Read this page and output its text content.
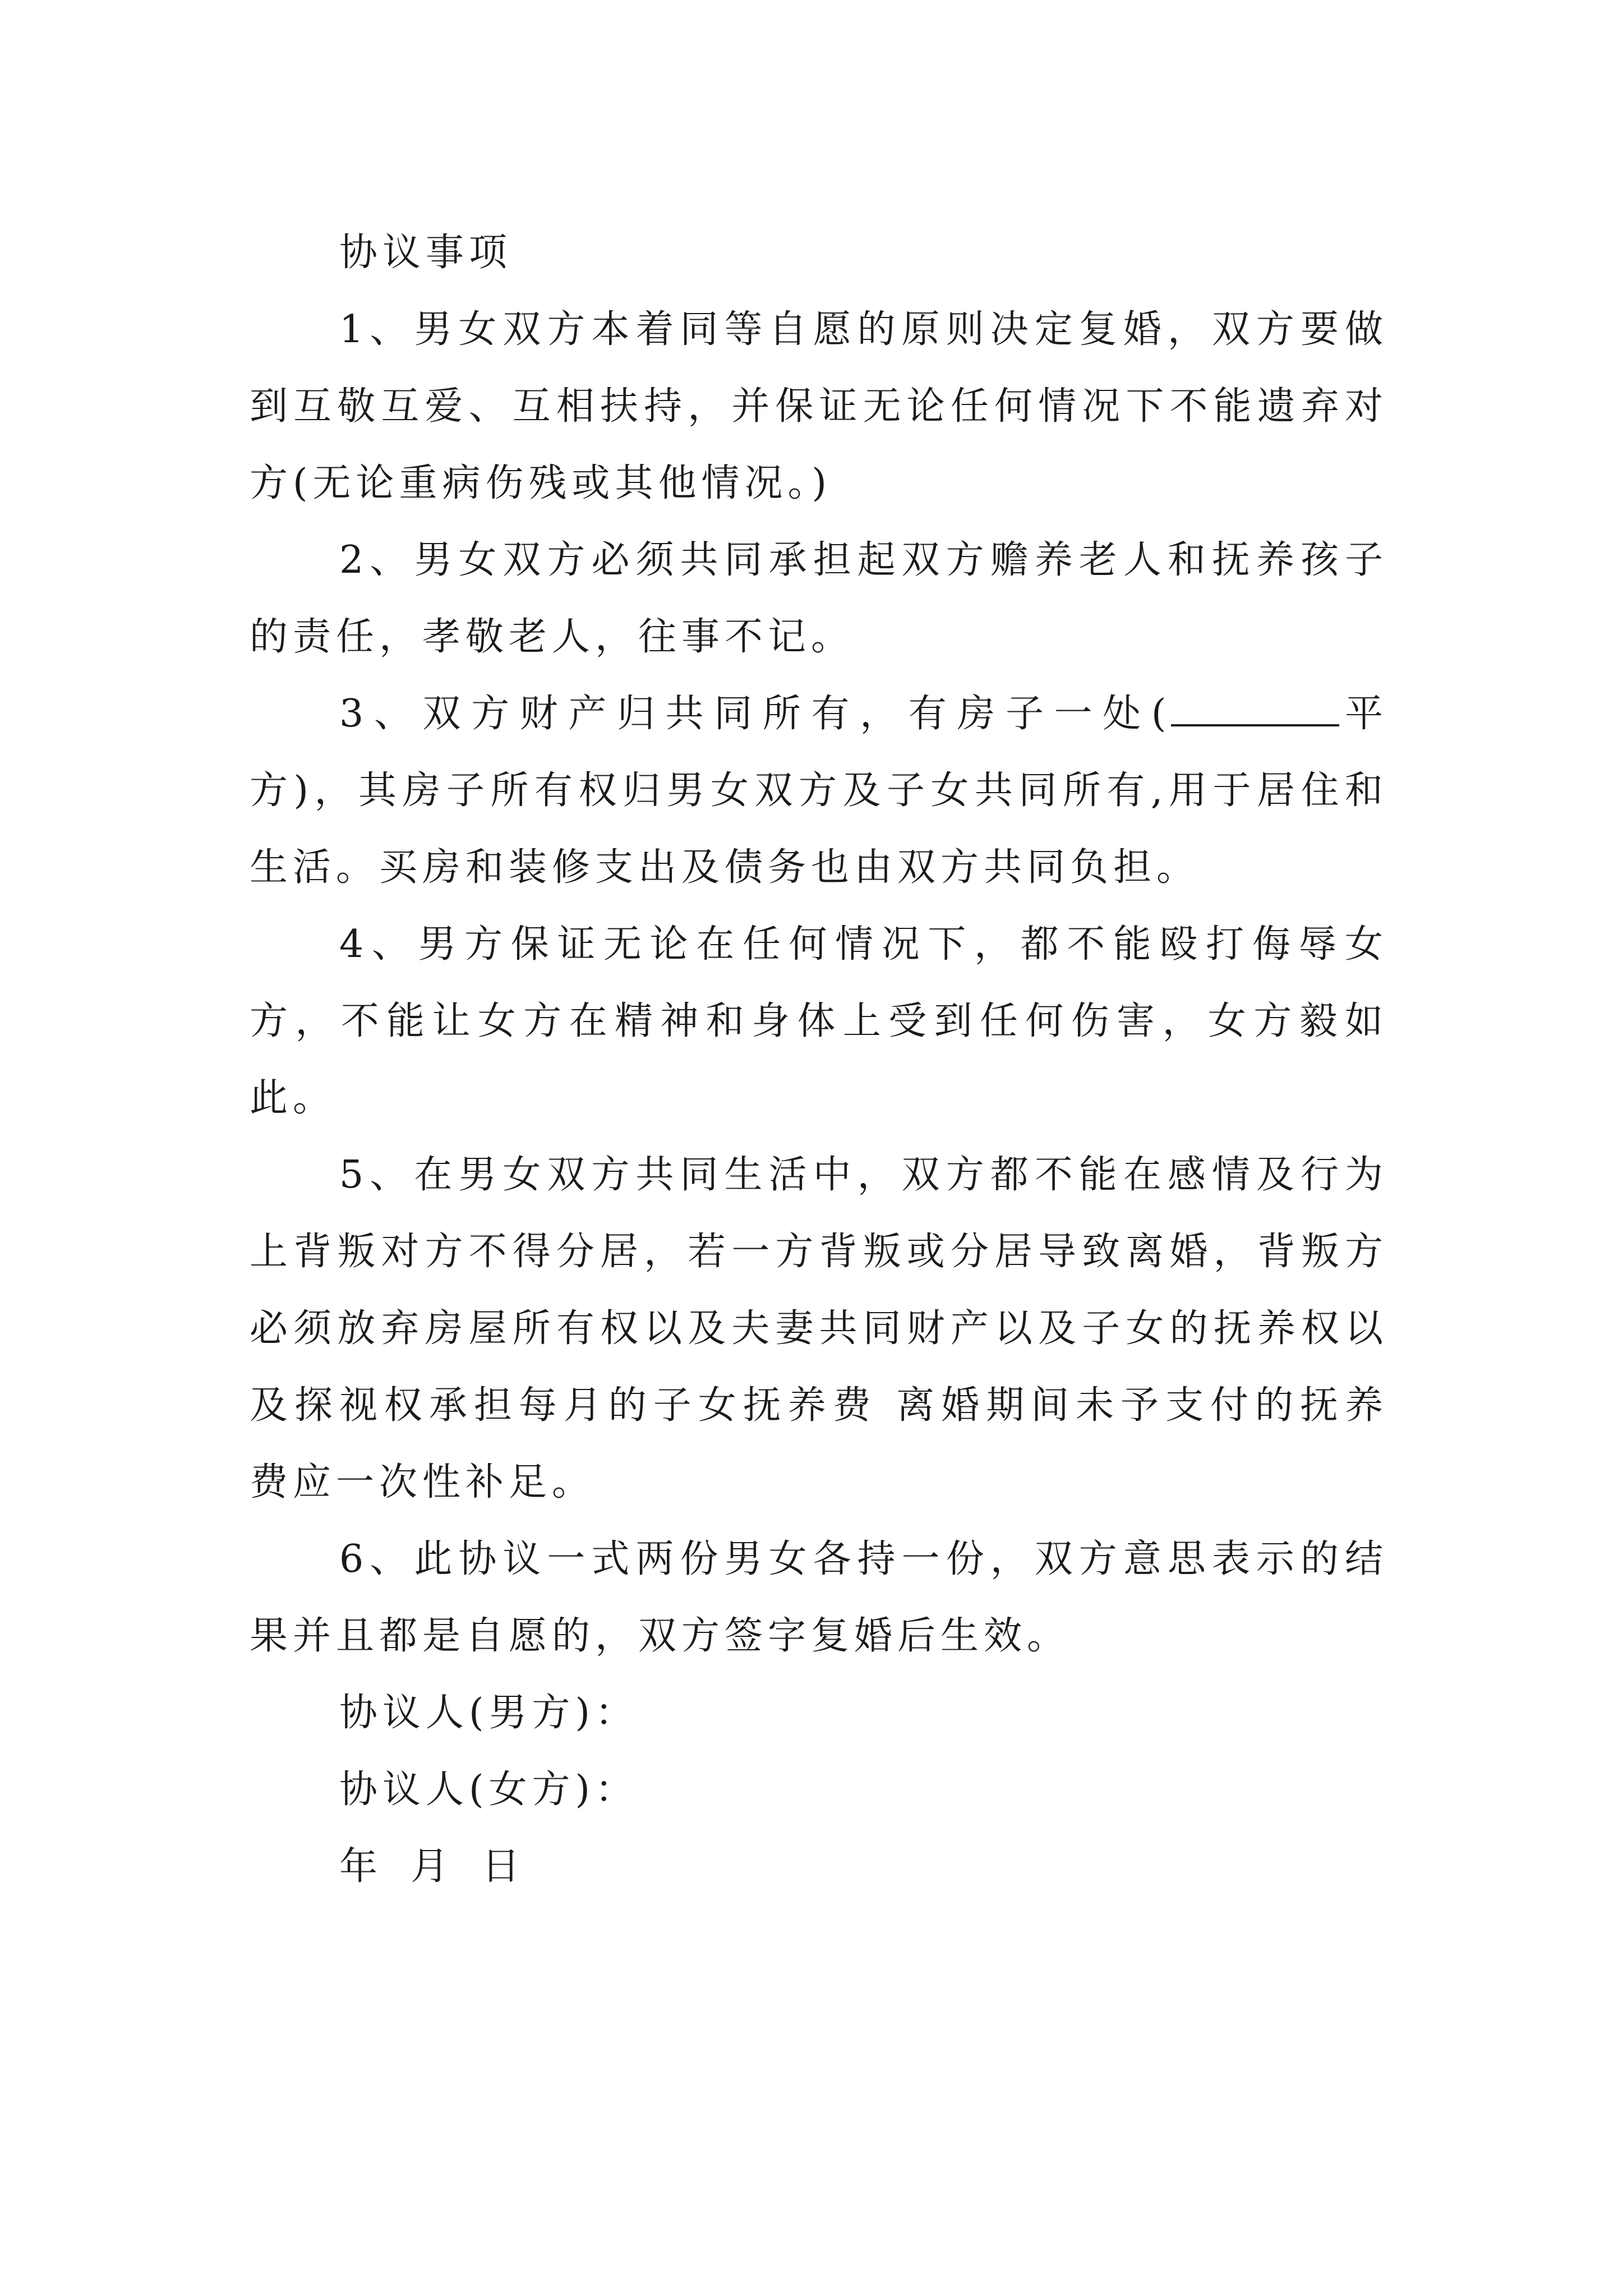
协议事项

1、男女双方本着同等自愿的原则决定复婚，双方要做到互敬互爱、互相扶持，并保证无论任何情况下不能遗弃对方(无论重病伤残或其他情况。)

2、男女双方必须共同承担起双方赡养老人和抚养孩子的责任，孝敬老人，往事不记。

3、双方财产归共同所有，有房子一处(	平方)，其房子所有权归男女双方及子女共同所有,用于居住和生活。买房和装修支出及债务也由双方共同负担。

4、男方保证无论在任何情况下，都不能殴打侮辱女方，不能让女方在精神和身体上受到任何伤害，女方毅如此。

5、在男女双方共同生活中，双方都不能在感情及行为上背叛对方不得分居，若一方背叛或分居导致离婚，背叛方必须放弃房屋所有权以及夫妻共同财产以及子女的抚养权以及探视权承担每月的子女抚养费 离婚期间未予支付的抚养费应一次性补足。

6、此协议一式两份男女各持一份，双方意思表示的结果并且都是自愿的，双方签字复婚后生效。

协议人(男方)：

协议人(女方)：

年 月 日
